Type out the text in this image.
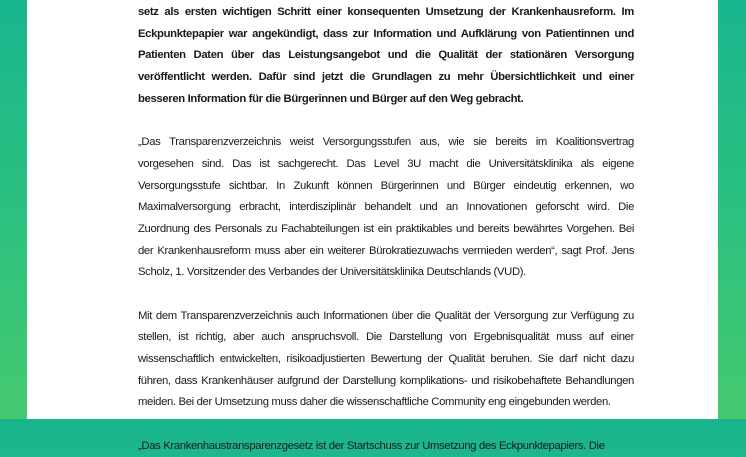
setz als ersten wichtigen Schritt einer konsequenten Umsetzung der Krankenhausreform. Im Eckpunktepapier war angekündigt, dass zur Information und Aufklärung von Patientinnen und Patienten Daten über das Leistungsangebot und die Qualität der stationären Versorgung veröffentlicht werden. Dafür sind jetzt die Grundlagen zu mehr Übersichtlichkeit und einer besseren Information für die Bürgerinnen und Bürger auf den Weg gebracht.

„Das Transparenzverzeichnis weist Versorgungsstufen aus, wie sie bereits im Koalitionsvertrag vorgesehen sind. Das ist sachgerecht. Das Level 3U macht die Universitätsklinika als eigene Versorgungsstufe sichtbar. In Zukunft können Bürgerinnen und Bürger eindeutig erkennen, wo Maximalversorgung erbracht, interdisziplinär behandelt und an Innovationen geforscht wird. Die Zuordnung des Personals zu Fachabteilungen ist ein praktikables und bereits bewährtes Vorgehen. Bei der Krankenhausreform muss aber ein weiterer Bürokratiezuwachs vermieden werden“, sagt Prof. Jens Scholz, 1. Vorsitzender des Verbandes der Universitätsklinika Deutschlands (VUD).

Mit dem Transparenzverzeichnis auch Informationen über die Qualität der Versorgung zur Verfügung zu stellen, ist richtig, aber auch anspruchsvoll. Die Darstellung von Ergebnisqualität muss auf einer wissenschaftlich entwickelten, risikoadjustierten Bewertung der Qualität beruhen. Sie darf nicht dazu führen, dass Krankenhäuser aufgrund der Darstellung komplikations- und risikobehaftete Behandlungen meiden. Bei der Umsetzung muss daher die wissenschaftliche Community eng eingebunden werden.

„Das Krankenhaustransparenzgesetz ist der Startschuss zur Umsetzung des Eckpunktepapiers. Die
